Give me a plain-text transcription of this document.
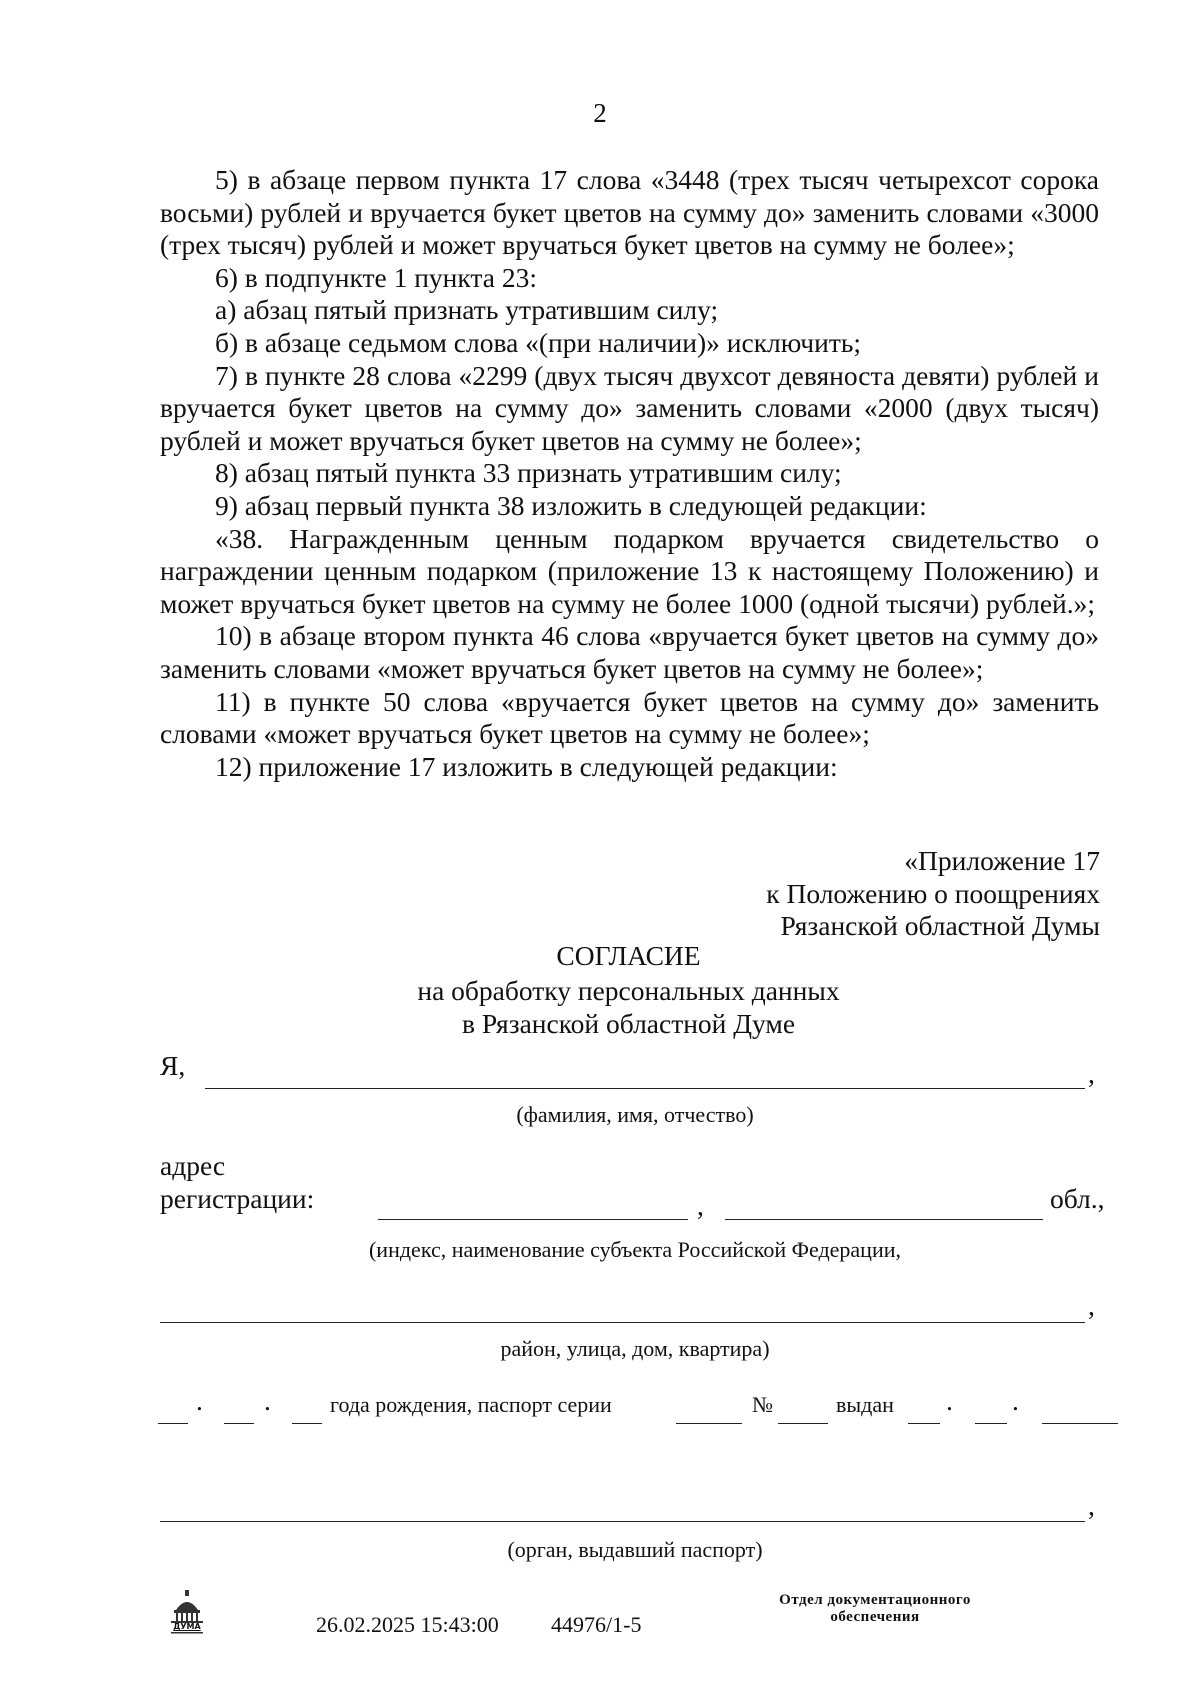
2

5) в абзаце первом пункта 17 слова «3448 (трех тысяч четырехсот сорока восьми) рублей и вручается букет цветов на сумму до» заменить словами «3000 (трех тысяч) рублей и может вручаться букет цветов на сумму не более»;

6) в подпункте 1 пункта 23:

а) абзац пятый признать утратившим силу;

б) в абзаце седьмом слова «(при наличии)» исключить;

7) в пункте 28 слова «2299 (двух тысяч двухсот девяноста девяти) рублей и вручается букет цветов на сумму до» заменить словами «2000 (двух тысяч) рублей и может вручаться букет цветов на сумму не более»;

8) абзац пятый пункта 33 признать утратившим силу;

9) абзац первый пункта 38 изложить в следующей редакции:

«38. Награжденным ценным подарком вручается свидетельство о награждении ценным подарком (приложение 13 к настоящему Положению) и может вручаться букет цветов на сумму не более 1000 (одной тысячи) рублей.»;

10) в абзаце втором пункта 46 слова «вручается букет цветов на сумму до» заменить словами «может вручаться букет цветов на сумму не более»;

11) в пункте 50 слова «вручается букет цветов на сумму до» заменить словами «может вручаться букет цветов на сумму не более»;

12) приложение 17 изложить в следующей редакции:

«Приложение 17
к Положению о поощрениях
Рязанской областной Думы
СОГЛАСИЕ
на обработку персональных данных
в Рязанской областной Думе
Я,	,
(фамилия, имя, отчество)
адрес
регистрации:	,	обл.,
(индекс, наименование субъекта Российской Федерации,
,
район, улица, дом, квартира)
. .	года рождения, паспорт серии	№	выдан . .
,
(орган, выдавший паспорт)
ДУМА	26.02.2025 15:43:00 44976/1-5
Отдел документационного
обеспечения
